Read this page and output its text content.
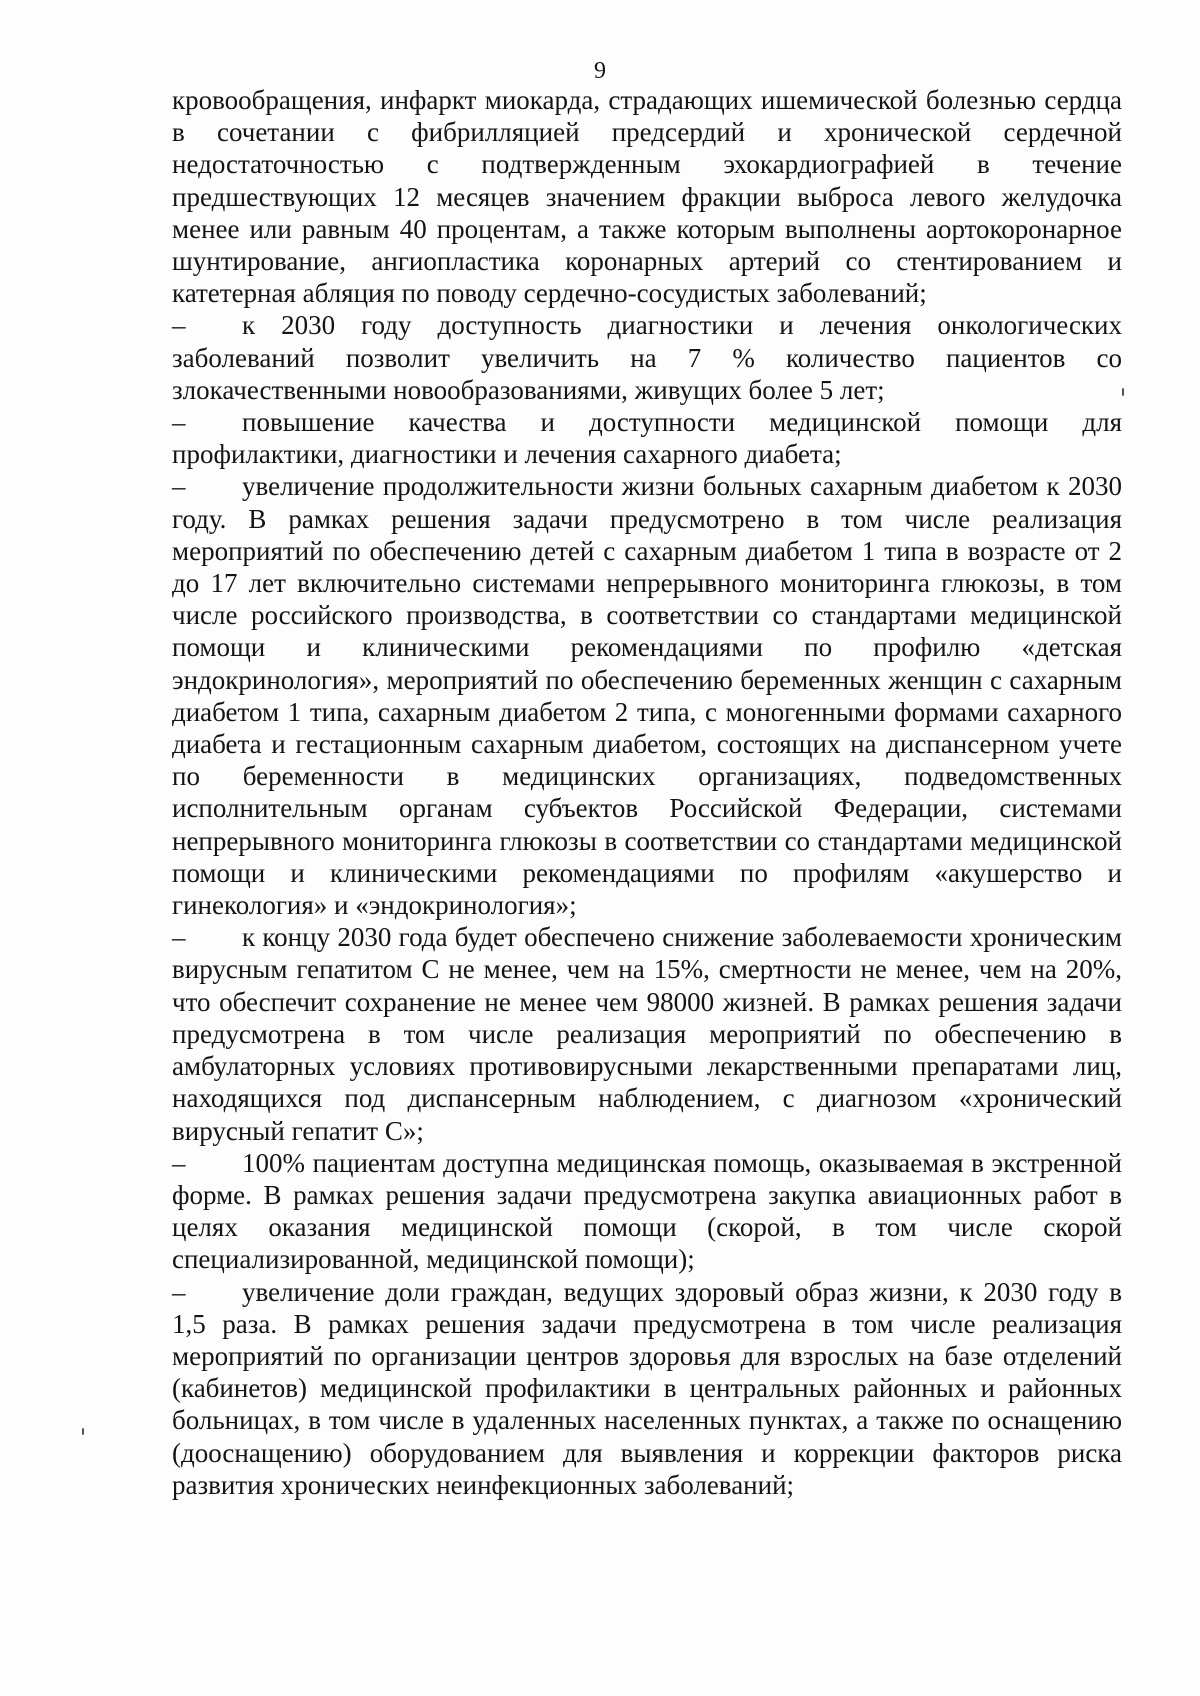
9

кровообращения, инфаркт миокарда, страдающих ишемической болезнью сердца в сочетании с фибрилляцией предсердий и хронической сердечной недостаточностью с подтвержденным эхокардиографией в течение предшествующих 12 месяцев значением фракции выброса левого желудочка менее или равным 40 процентам, а также которым выполнены аортокоронарное шунтирование, ангиопластика коронарных артерий со стентированием и катетерная абляция по поводу сердечно-сосудистых заболеваний;

– к 2030 году доступность диагностики и лечения онкологических заболеваний позволит увеличить на 7 % количество пациентов со злокачественными новообразованиями, живущих более 5 лет;

– повышение качества и доступности медицинской помощи для профилактики, диагностики и лечения сахарного диабета;

– увеличение продолжительности жизни больных сахарным диабетом к 2030 году. В рамках решения задачи предусмотрено в том числе реализация мероприятий по обеспечению детей с сахарным диабетом 1 типа в возрасте от 2 до 17 лет включительно системами непрерывного мониторинга глюкозы, в том числе российского производства, в соответствии со стандартами медицинской помощи и клиническими рекомендациями по профилю «детская эндокринология», мероприятий по обеспечению беременных женщин с сахарным диабетом 1 типа, сахарным диабетом 2 типа, с моногенными формами сахарного диабета и гестационным сахарным диабетом, состоящих на диспансерном учете по беременности в медицинских организациях, подведомственных исполнительным органам субъектов Российской Федерации, системами непрерывного мониторинга глюкозы в соответствии со стандартами медицинской помощи и клиническими рекомендациями по профилям «акушерство и гинекология» и «эндокринология»;

– к концу 2030 года будет обеспечено снижение заболеваемости хроническим вирусным гепатитом С не менее, чем на 15%, смертности не менее, чем на 20%, что обеспечит сохранение не менее чем 98000 жизней. В рамках решения задачи предусмотрена в том числе реализация мероприятий по обеспечению в амбулаторных условиях противовирусными лекарственными препаратами лиц, находящихся под диспансерным наблюдением, с диагнозом «хронический вирусный гепатит С»;

– 100% пациентам доступна медицинская помощь, оказываемая в экстренной форме. В рамках решения задачи предусмотрена закупка авиационных работ в целях оказания медицинской помощи (скорой, в том числе скорой специализированной, медицинской помощи);

– увеличение доли граждан, ведущих здоровый образ жизни, к 2030 году в 1,5 раза. В рамках решения задачи предусмотрена в том числе реализация мероприятий по организации центров здоровья для взрослых на базе отделений (кабинетов) медицинской профилактики в центральных районных и районных больницах, в том числе в удаленных населенных пунктах, а также по оснащению (дооснащению) оборудованием для выявления и коррекции факторов риска развития хронических неинфекционных заболеваний;
